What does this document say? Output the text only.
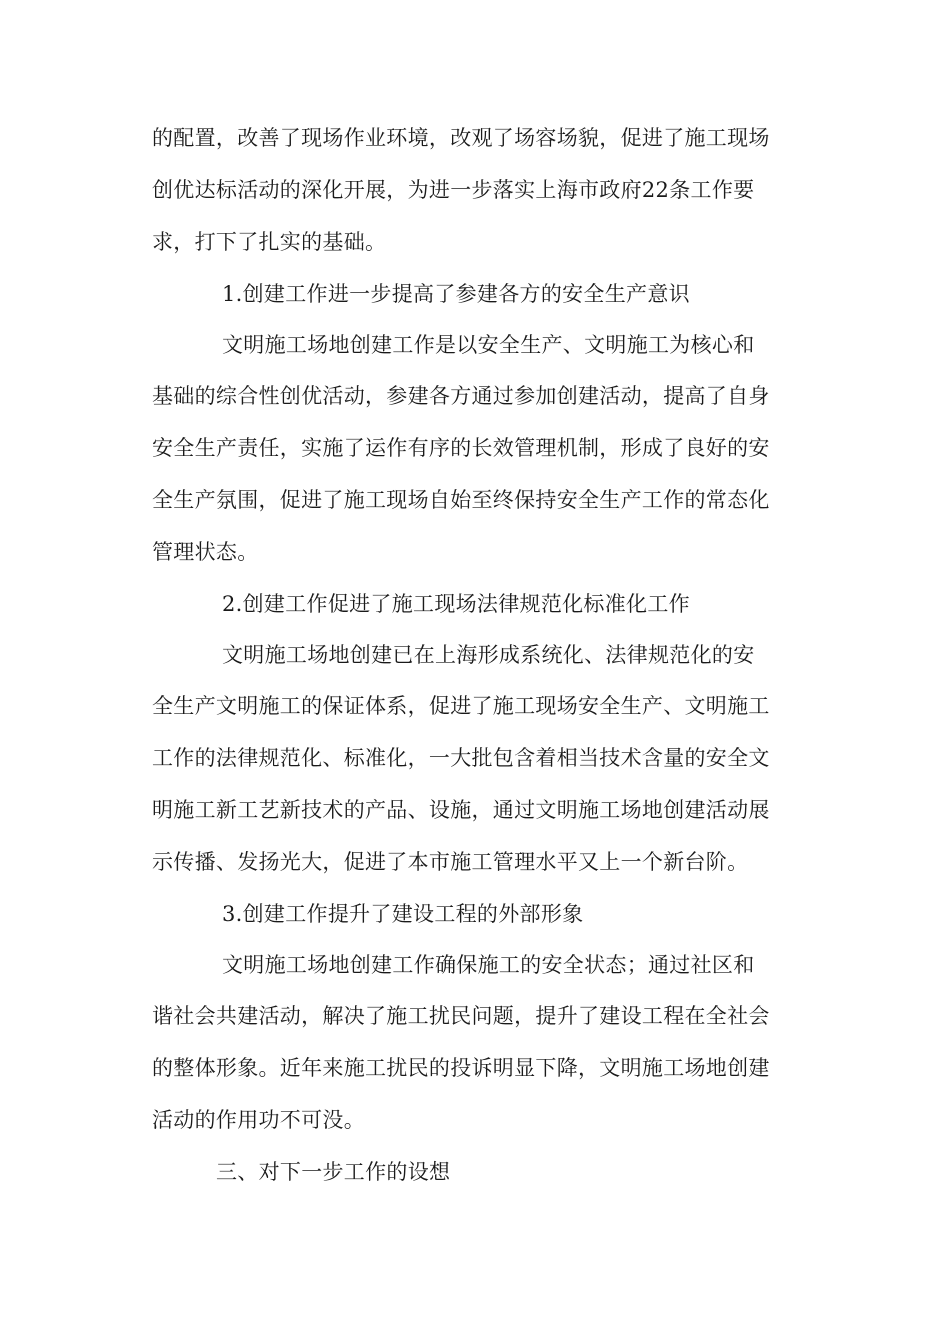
的配置，改善了现场作业环境，改观了场容场貌，促进了施工现场
创优达标活动的深化开展，为进一步落实上海市政府22条工作要
求，打下了扎实的基础。
1.创建工作进一步提高了参建各方的安全生产意识
文明施工场地创建工作是以安全生产、文明施工为核心和
基础的综合性创优活动，参建各方通过参加创建活动，提高了自身
安全生产责任，实施了运作有序的长效管理机制，形成了良好的安
全生产氛围，促进了施工现场自始至终保持安全生产工作的常态化
管理状态。
2.创建工作促进了施工现场法律规范化标准化工作
文明施工场地创建已在上海形成系统化、法律规范化的安
全生产文明施工的保证体系，促进了施工现场安全生产、文明施工
工作的法律规范化、标准化，一大批包含着相当技术含量的安全文
明施工新工艺新技术的产品、设施，通过文明施工场地创建活动展
示传播、发扬光大，促进了本市施工管理水平又上一个新台阶。
3.创建工作提升了建设工程的外部形象
文明施工场地创建工作确保施工的安全状态；通过社区和
谐社会共建活动，解决了施工扰民问题，提升了建设工程在全社会
的整体形象。近年来施工扰民的投诉明显下降，文明施工场地创建
活动的作用功不可没。
三、对下一步工作的设想
